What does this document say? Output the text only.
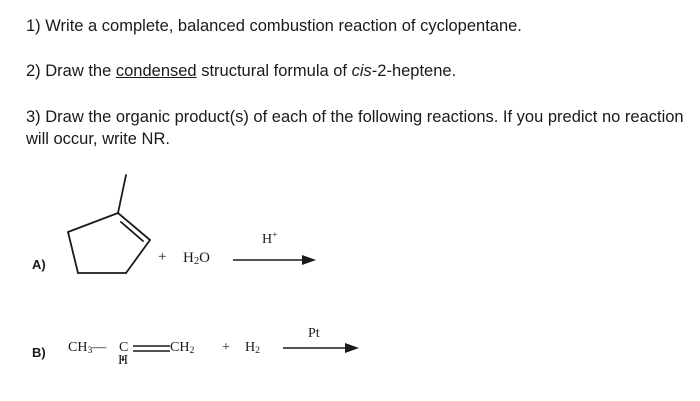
1) Write a complete, balanced combustion reaction of cyclopentane.
2) Draw the condensed structural formula of cis-2-heptene.
3) Draw the organic product(s) of each of the following reactions. If you predict no reaction will occur, write NR.
A)	+ $H_2O$
H+
B) $CH_3—$ C	$CH_2$
H
+ $H_2$
Pt
